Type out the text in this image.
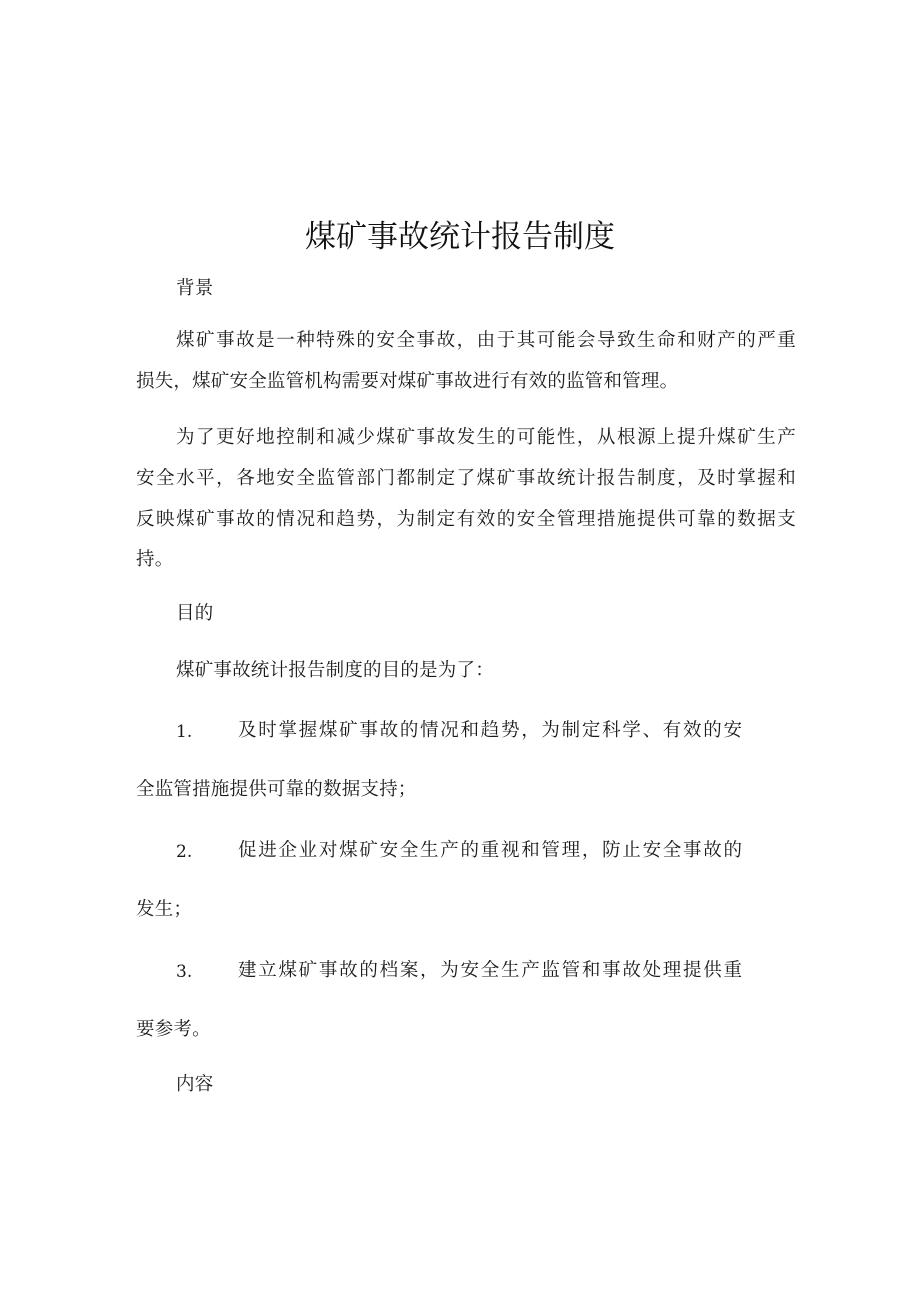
煤矿事故统计报告制度
背景
煤矿事故是一种特殊的安全事故，由于其可能会导致生命和财产的严重
损失，煤矿安全监管机构需要对煤矿事故进行有效的监管和管理。
为了更好地控制和减少煤矿事故发生的可能性，从根源上提升煤矿生产
安全水平，各地安全监管部门都制定了煤矿事故统计报告制度，及时掌握和
反映煤矿事故的情况和趋势，为制定有效的安全管理措施提供可靠的数据支
持。
目的
煤矿事故统计报告制度的目的是为了：
1. 及时掌握煤矿事故的情况和趋势，为制定科学、有效的安
全监管措施提供可靠的数据支持；
2. 促进企业对煤矿安全生产的重视和管理，防止安全事故的
发生；
3. 建立煤矿事故的档案，为安全生产监管和事故处理提供重
要参考。
内容
